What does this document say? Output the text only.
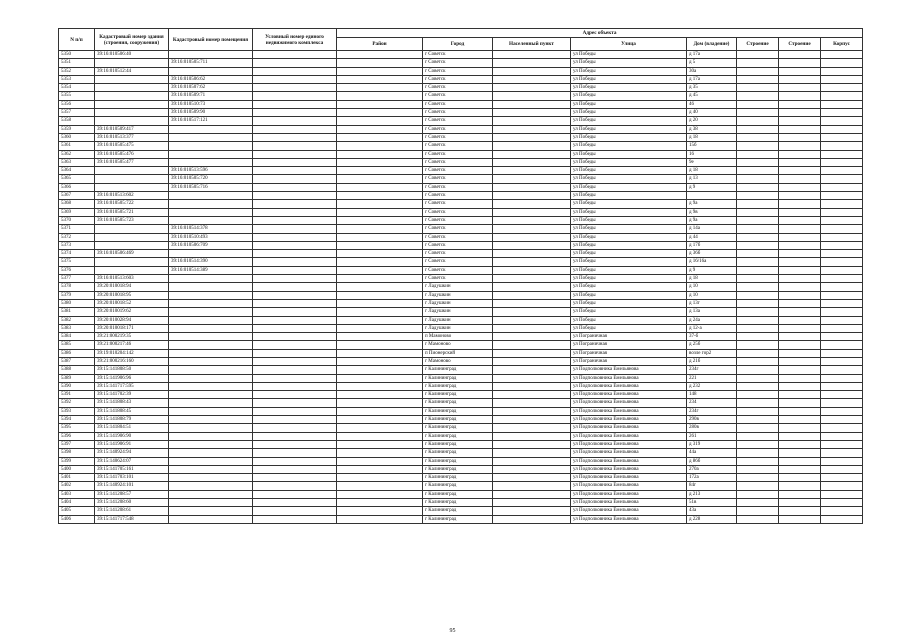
N п/п	Кадастровый номер здания (строения, сооружения)	Кадастровый номер помещения	Условный номер единого недвижимого комплекса	Адрес объекта							
				Район	Город	Населенный пункт	Улица	Дом (владение)	Строение	Строение	Корпус
5350	39:16:010506:40				г Советск		ул Победы	д 17а			
5351		39:16:010505:711			г Советск		ул Победы	д 5			
5352	39:16:010512:44				г Советск		ул Победы	30а			
5353		39:16:010506:62			г Советск		ул Победы	д 17а			
5354		39:16:010507:62			г Советск		ул Победы	д 35			
5355		39:16:010509:71			г Советск		ул Победы	д 45			
5356		39:16:010510:73			г Советск		ул Победы	46			
5357		39:16:010509:90			г Советск		ул Победы	д 40			
5358		39:16:010517:121			г Советск		ул Победы	д 20			
5359	39:16:010509:417				г Советск		ул Победы	д 38			
5360	39:16:010513:377				г Советск		ул Победы	д 18			
5361	39:16:010505:475				г Советск		ул Победы	15б			
5362	39:16:010505:476				г Советск		ул Победы	16			
5363	39:16:010505:477				г Советск		ул Победы	9е			
5364		39:16:010513:596			г Советск		ул Победы	д 18			
5365		39:16:010505:720			г Советск		ул Победы	д 13			
5366		39:16:010505:716			г Советск		ул Победы	д 9			
5367	39:16:010513:602				г Советск		ул Победы				
5368	39:16:010505:722				г Советск		ул Победы	д 9а			
5369	39:16:010505:721				г Советск		ул Победы	д 9в			
5370	39:16:010505:723				г Советск		ул Победы	д 9а			
5371		39:16:010514:378			г Советск		ул Победы	д 14а			
5372		39:16:010510:493			г Советск		ул Победы	д 44			
5373		39:16:010506:709			г Советск		ул Победы	д 17б			
5374	39:16:010506:469				г Советск		ул Победы	д 36б			
5375		39:16:010514:390			г Советск		ул Победы	д 16/16а			
5376		39:16:010514:389			г Советск		ул Победы	д 9			
5377	39:16:010513:603				г Советск		ул Победы	д 18			
5378	39:20:010018:94				г Ладушкин		ул Победы	д 10			
5379	39:20:010018:95				г Ладушкин		ул Победы	д 10			
5380	39:20:010018:52				г Ладушкин		ул Победы	д 13г			
5381	39:20:010019:62				г Ладушкин		ул Победы	д 13а			
5382	39:20:010028:94				г Ладушкин		ул Победы	д 24а			
5383	39:20:010018:171				г Ладушкин		ул Победы	д 12-а			
5384	39:21:000219:35				п Мамоново		ул Пограничная	37-б			
5385	39:21:000217:46				г Мамоново		ул Пограничная	д 25б			
5386	39:19:010204:142				п Пионерский		ул Пограничная	возле гор2			
5387	39:21:000216:160				г Мамоново		ул Пограничная	д 21б			
5388	39:15:141808:50				г Калининград		ул Подполковника Емельянова	234г			
5389	39:15:141906:96				г Калининград		ул Подполковника Емельянова	221			
5390	39:15:141717:595				г Калининград		ул Подполковника Емельянова	д 232			
5391	39:15:141702:39				г Калининград		ул Подполковника Емельянова	148			
5392	39:15:141808:43				г Калининград		ул Подполковника Емельянова	234			
5393	39:15:141808:45				г Калининград		ул Подполковника Емельянова	234г			
5394	39:15:141808:79				г Калининград		ул Подполковника Емельянова	290в			
5395	39:15:141804:51				г Калининград		ул Подполковника Емельянова	280в			
5396	39:15:141906:90				г Калининград		ул Подполковника Емельянова	261			
5397	39:15:141906:91				г Калининград		ул Подполковника Емельянова	д 319			
5398	39:15:140924:94				г Калининград		ул Подполковника Емельянова	44а			
5399	39:15:140624:07				г Калининград		ул Подполковника Емельянова	д 86б			
5400	39:15:141705:161				г Калининград		ул Подполковника Емельянова	270а			
5401	39:15:141703:101				г Калининград		ул Подполковника Емельянова	172а			
5402	39:15:140924:101				г Калининград		ул Подполковника Емельянова	84г			
5403	39:15:141208:57				г Калининград		ул Подполковника Емельянова	д 213			
5404	39:15:141208:60				г Калининград		ул Подполковника Емельянова	51в			
5405	39:15:141208:61				г Калининград		ул Подполковника Емельянова	43а			
5406	39:15:141717:548				г Калининград		ул Подполковника Емельянова	д 228			
95
